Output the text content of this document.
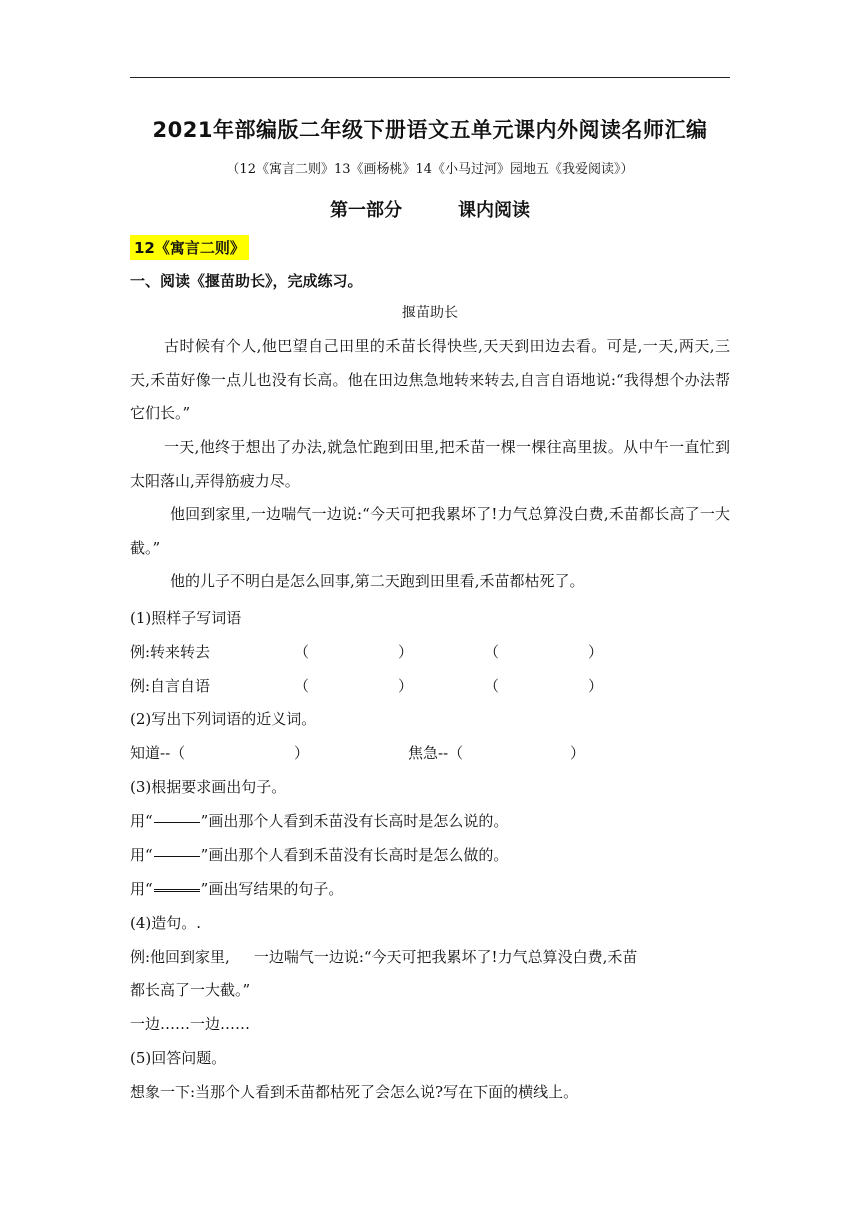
2021年部编版二年级下册语文五单元课内外阅读名师汇编
（12《寓言二则》13《画杨桃》14《小马过河》园地五《我爱阅读》）
第一部分	课内阅读
12《寓言二则》
一、阅读《揠苗助长》，完成练习。
揠苗助长
古时候有个人,他巴望自己田里的禾苗长得快些,天天到田边去看。可是,一天,两天,三天,禾苗好像一点儿也没有长高。他在田边焦急地转来转去,自言自语地说:“我得想个办法帮它们长。”
一天,他终于想出了办法,就急忙跑到田里,把禾苗一棵一棵往高里拔。从中午一直忙到太阳落山,弄得筋疲力尽。
他回到家里,一边喘气一边说:“今天可把我累坏了!力气总算没白费,禾苗都长高了一大截。”
他的儿子不明白是怎么回事,第二天跑到田里看,禾苗都枯死了。
(1)照样子写词语
例:转来转去	（	）	（	）
例:自言自语	（	）	（	）
(2)写出下列词语的近义词。
知道--（	）	焦急--（	）
(3)根据要求画出句子。
用“	”画出那个人看到禾苗没有长高时是怎么说的。
用“	”画出那个人看到禾苗没有长高时是怎么做的。
用“	”画出写结果的句子。
(4)造句。.
例:他回到家里, 一边喘气一边说:“今天可把我累坏了!力气总算没白费,禾苗
都长高了一大截。”
一边……一边……
(5)回答问题。
想象一下:当那个人看到禾苗都枯死了会怎么说?写在下面的横线上。
